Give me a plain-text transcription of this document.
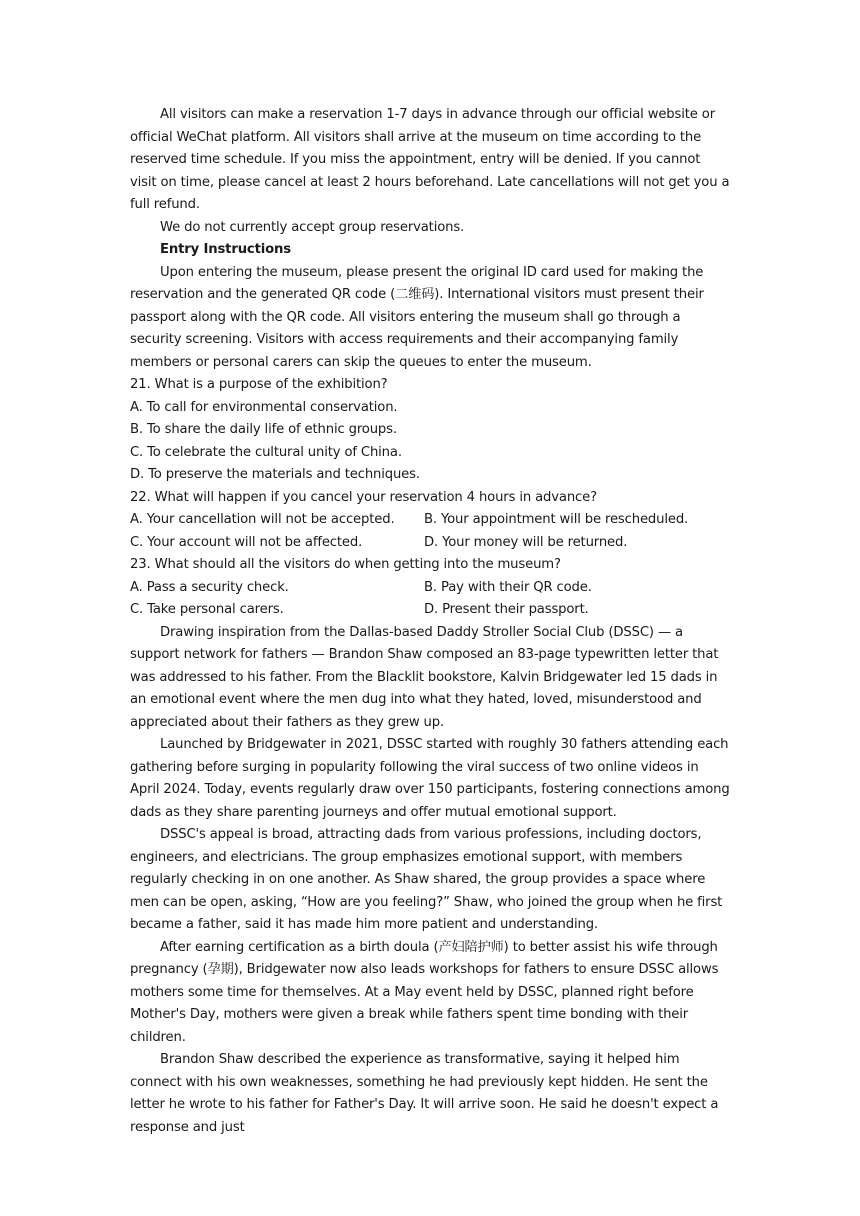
All visitors can make a reservation 1-7 days in advance through our official website or official WeChat platform. All visitors shall arrive at the museum on time according to the reserved time schedule. If you miss the appointment, entry will be denied. If you cannot visit on time, please cancel at least 2 hours beforehand. Late cancellations will not get you a full refund.

We do not currently accept group reservations.

Entry Instructions

Upon entering the museum, please present the original ID card used for making the reservation and the generated QR code (二维码). International visitors must present their passport along with the QR code. All visitors entering the museum shall go through a security screening. Visitors with access requirements and their accompanying family members or personal carers can skip the queues to enter the museum.

21. What is a purpose of the exhibition?

A. To call for environmental conservation.

B. To share the daily life of ethnic groups.

C. To celebrate the cultural unity of China.

D. To preserve the materials and techniques.

22. What will happen if you cancel your reservation 4 hours in advance?

A. Your cancellation will not be accepted.	B. Your appointment will be rescheduled.
C. Your account will not be affected.	D. Your money will be returned.

23. What should all the visitors do when getting into the museum?

A. Pass a security check.	B. Pay with their QR code.
C. Take personal carers.	D. Present their passport.

Drawing inspiration from the Dallas-based Daddy Stroller Social Club (DSSC) — a support network for fathers — Brandon Shaw composed an 83-page typewritten letter that was addressed to his father. From the Blacklit bookstore, Kalvin Bridgewater led 15 dads in an emotional event where the men dug into what they hated, loved, misunderstood and appreciated about their fathers as they grew up.

Launched by Bridgewater in 2021, DSSC started with roughly 30 fathers attending each gathering before surging in popularity following the viral success of two online videos in April 2024. Today, events regularly draw over 150 participants, fostering connections among dads as they share parenting journeys and offer mutual emotional support.

DSSC's appeal is broad, attracting dads from various professions, including doctors, engineers, and electricians. The group emphasizes emotional support, with members regularly checking in on one another. As Shaw shared, the group provides a space where men can be open, asking, “How are you feeling?” Shaw, who joined the group when he first became a father, said it has made him more patient and understanding.

After earning certification as a birth doula (产妇陪护师) to better assist his wife through pregnancy (孕期), Bridgewater now also leads workshops for fathers to ensure DSSC allows mothers some time for themselves. At a May event held by DSSC, planned right before Mother's Day, mothers were given a break while fathers spent time bonding with their children.

Brandon Shaw described the experience as transformative, saying it helped him connect with his own weaknesses, something he had previously kept hidden. He sent the letter he wrote to his father for Father's Day. It will arrive soon. He said he doesn't expect a response and just
